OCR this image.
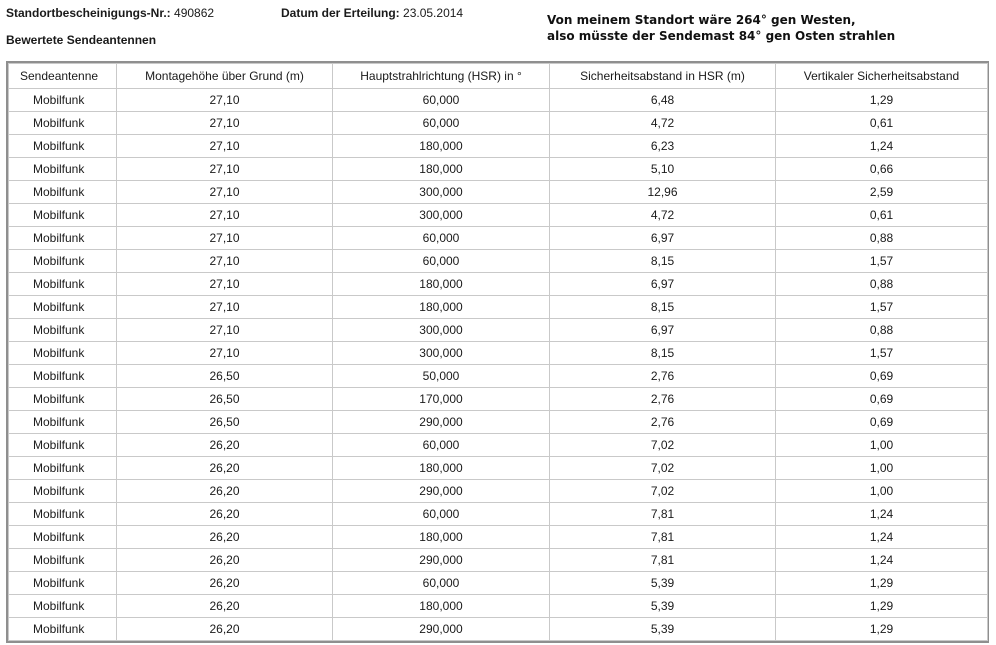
Standortbescheinigungs-Nr.: 490862	Datum der Erteilung: 23.05.2014
Bewertete Sendeantennen
Von meinem Standort wäre 264° gen Westen,
also müsste der Sendemast 84° gen Osten strahlen
Sendeantenne	Montagehöhe über Grund (m)	Hauptstrahlrichtung (HSR) in °	Sicherheitsabstand in HSR (m)	Vertikaler Sicherheitsabstand
Mobilfunk	27,10	60,000	6,48	1,29
Mobilfunk	27,10	60,000	4,72	0,61
Mobilfunk	27,10	180,000	6,23	1,24
Mobilfunk	27,10	180,000	5,10	0,66
Mobilfunk	27,10	300,000	12,96	2,59
Mobilfunk	27,10	300,000	4,72	0,61
Mobilfunk	27,10	60,000	6,97	0,88
Mobilfunk	27,10	60,000	8,15	1,57
Mobilfunk	27,10	180,000	6,97	0,88
Mobilfunk	27,10	180,000	8,15	1,57
Mobilfunk	27,10	300,000	6,97	0,88
Mobilfunk	27,10	300,000	8,15	1,57
Mobilfunk	26,50	50,000	2,76	0,69
Mobilfunk	26,50	170,000	2,76	0,69
Mobilfunk	26,50	290,000	2,76	0,69
Mobilfunk	26,20	60,000	7,02	1,00
Mobilfunk	26,20	180,000	7,02	1,00
Mobilfunk	26,20	290,000	7,02	1,00
Mobilfunk	26,20	60,000	7,81	1,24
Mobilfunk	26,20	180,000	7,81	1,24
Mobilfunk	26,20	290,000	7,81	1,24
Mobilfunk	26,20	60,000	5,39	1,29
Mobilfunk	26,20	180,000	5,39	1,29
Mobilfunk	26,20	290,000	5,39	1,29
